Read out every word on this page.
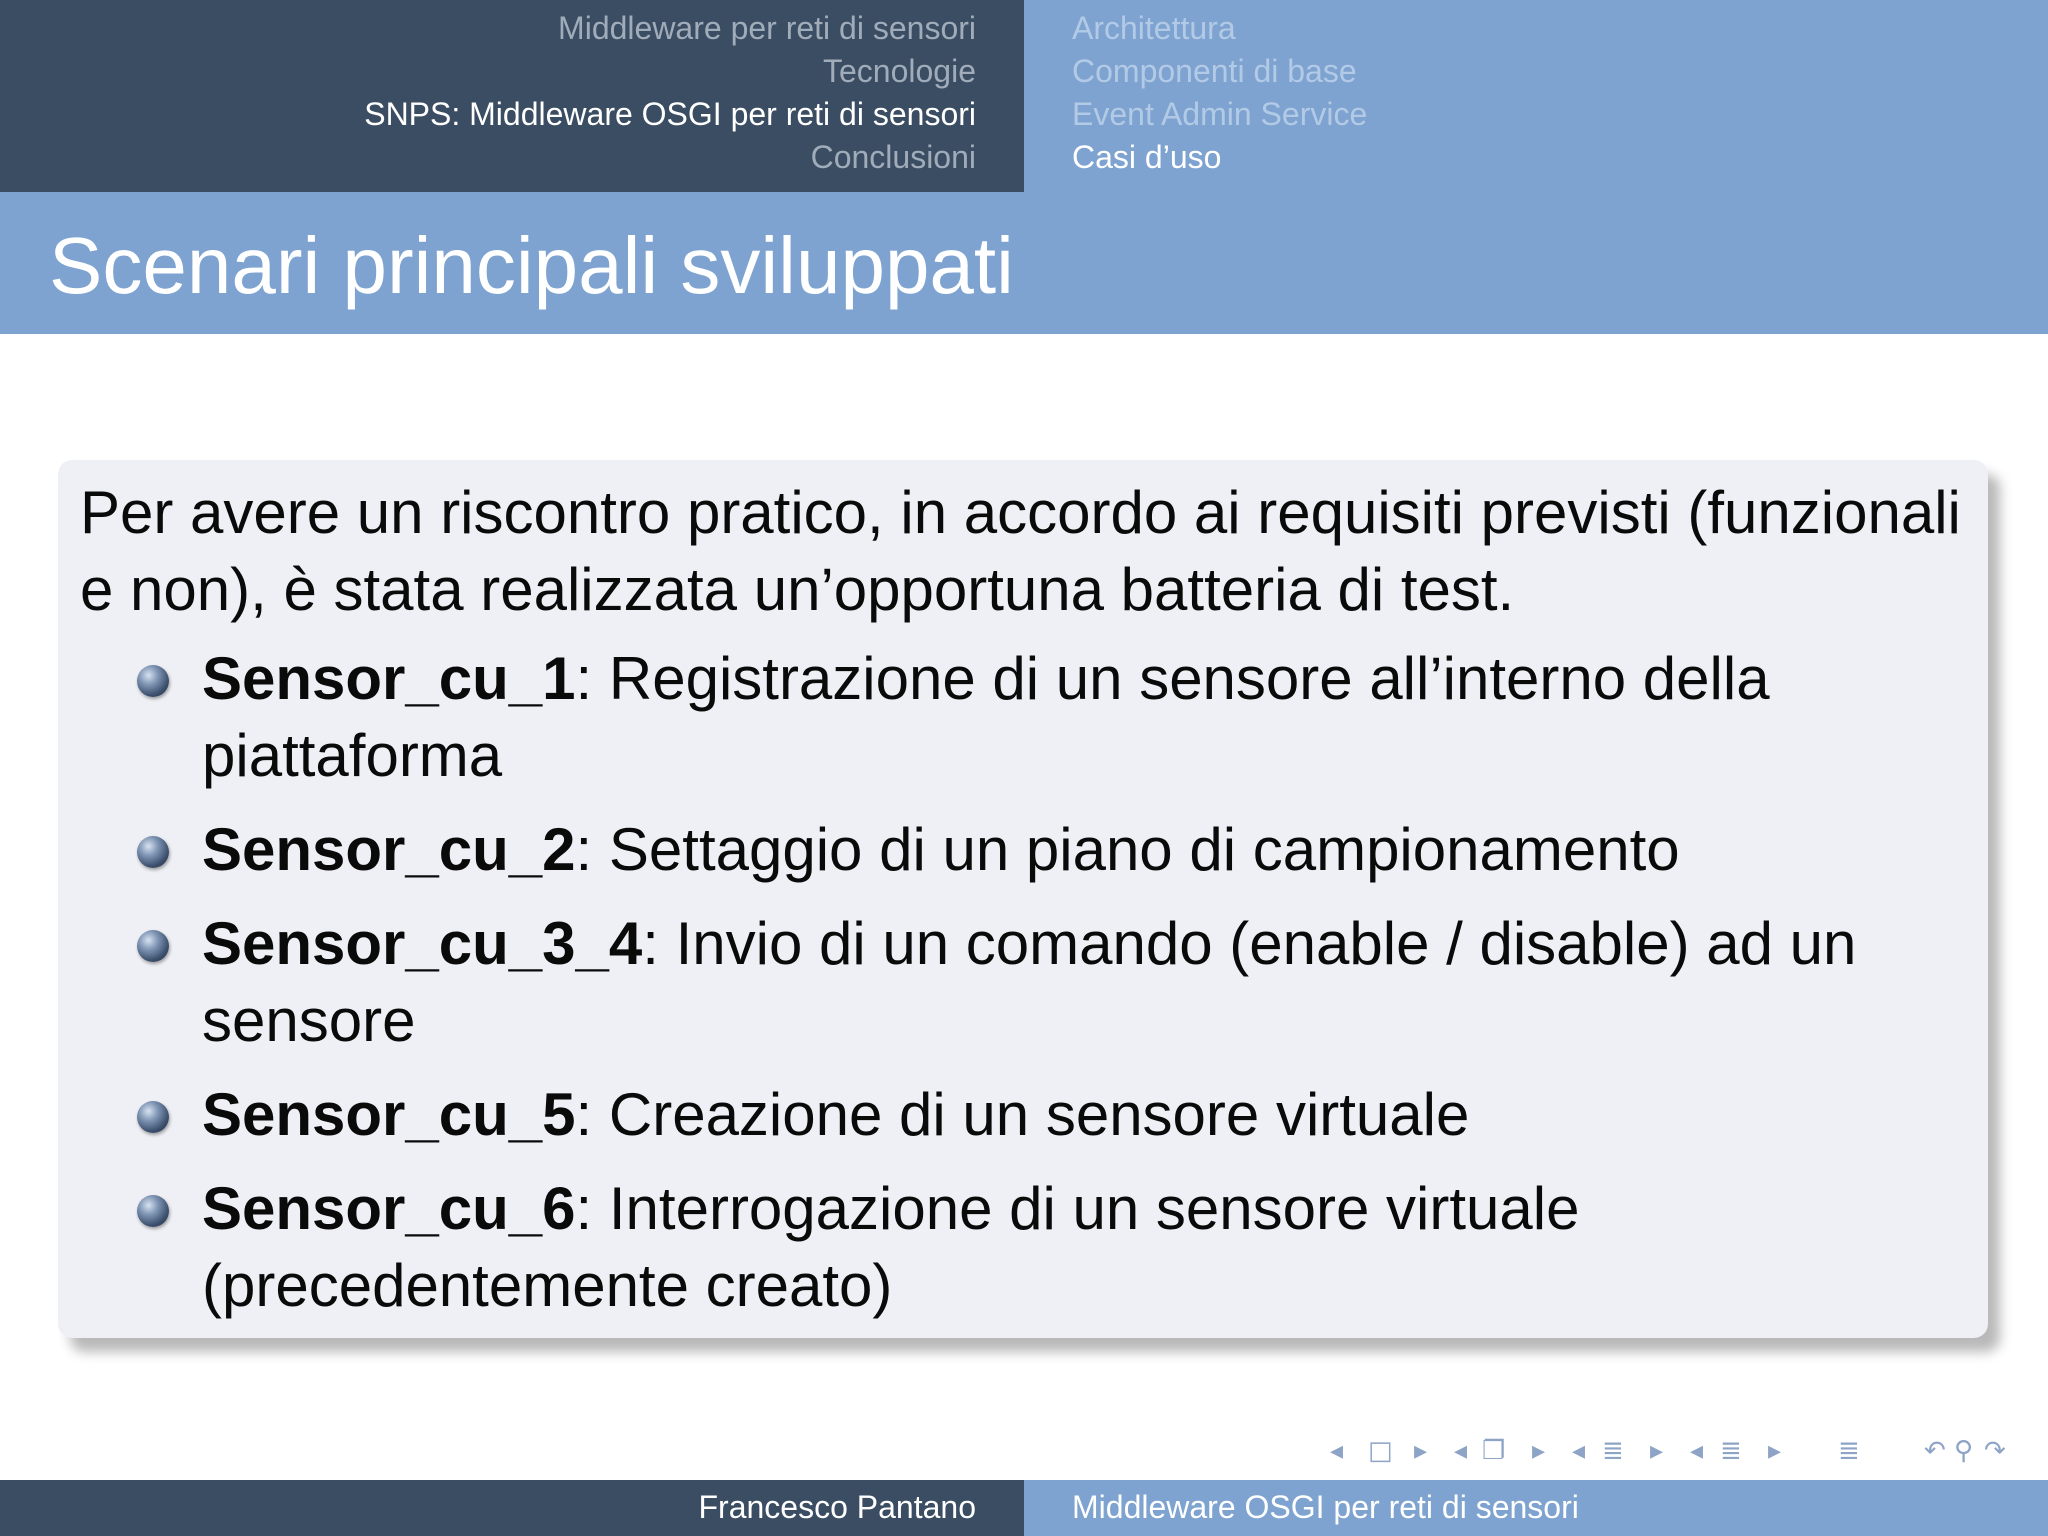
Middleware per reti di sensori
Tecnologie
SNPS: Middleware OSGI per reti di sensori
Conclusioni
Architettura
Componenti di base
Event Admin Service
Casi d’uso
Scenari principali sviluppati
Per avere un riscontro pratico, in accordo ai requisiti previsti (funzionali e non), è stata realizzata un’opportuna batteria di test.
Sensor_cu_1: Registrazione di un sensore all’interno della piattaforma
Sensor_cu_2: Settaggio di un piano di campionamento
Sensor_cu_3_4: Invio di un comando (enable / disable) ad un sensore
Sensor_cu_5: Creazione di un sensore virtuale
Sensor_cu_6: Interrogazione di un sensore virtuale (precedentemente creato)
◂ □ ▸ ◂ ❐ ▸ ◂ ≣ ▸ ◂ ≣ ▸ ≣ ↶ ⚲ ↷
Francesco Pantano	Middleware OSGI per reti di sensori
